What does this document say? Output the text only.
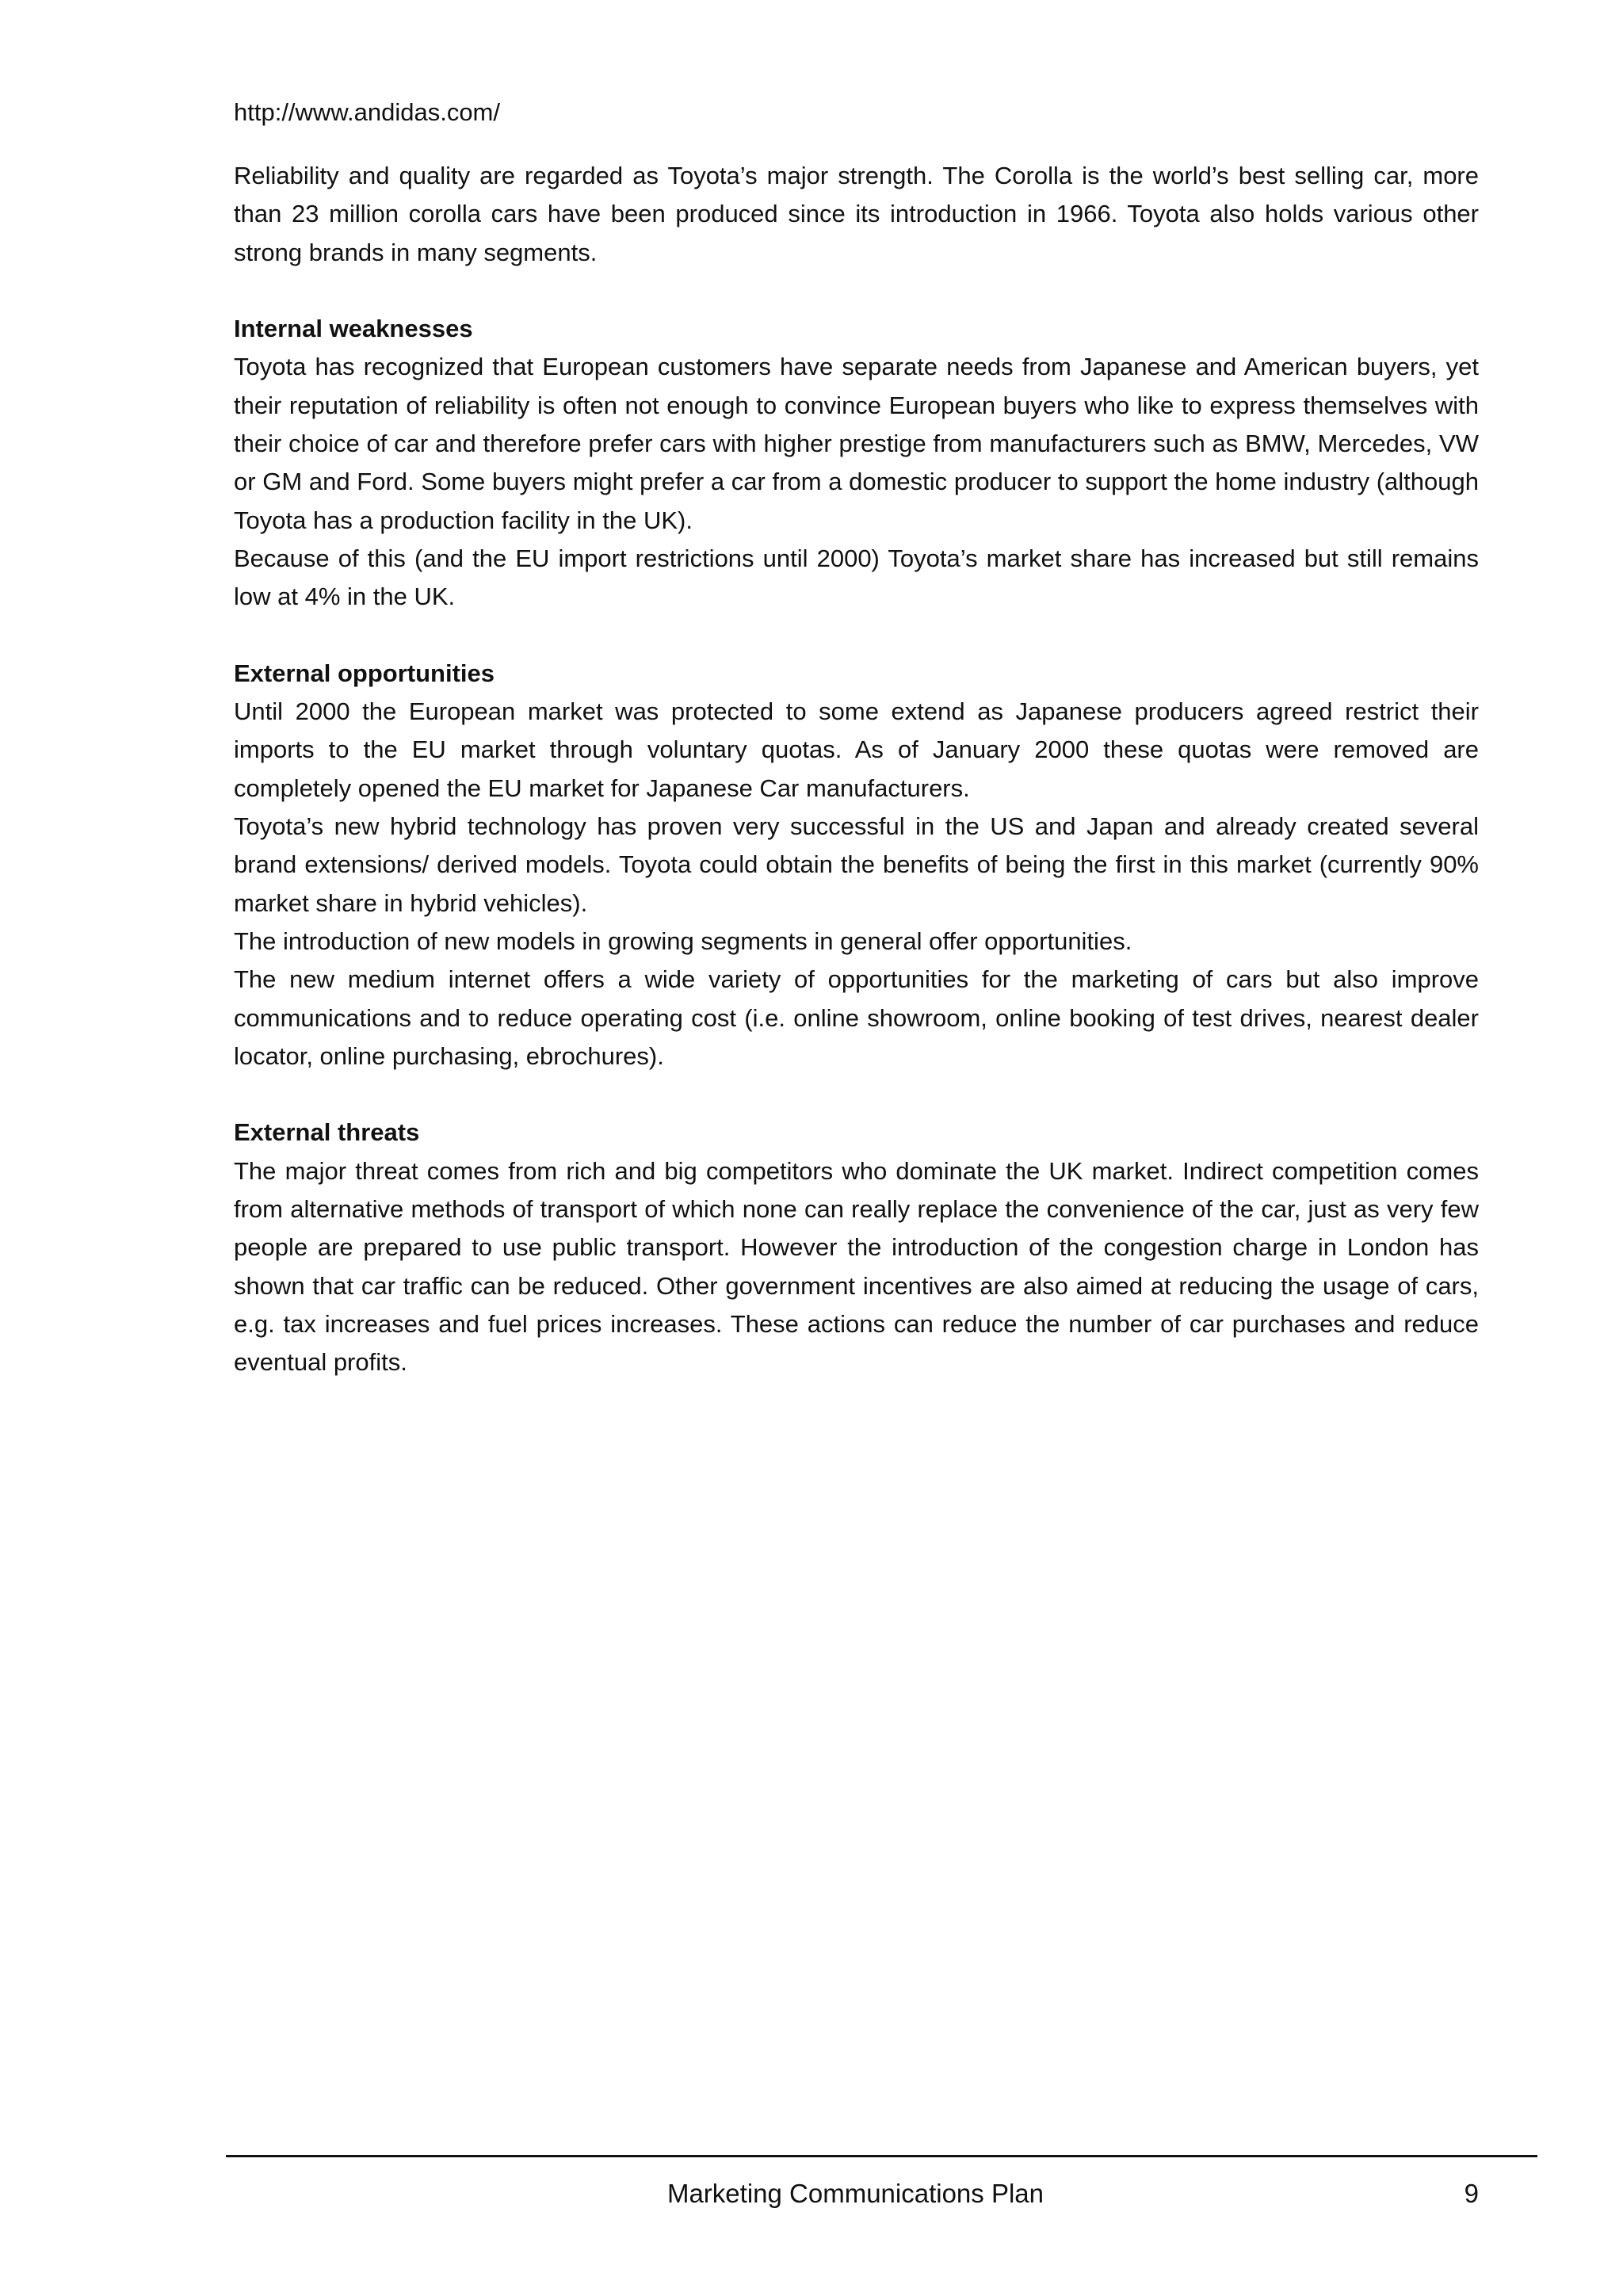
http://www.andidas.com/

Reliability and quality are regarded as Toyota’s major strength. The Corolla is the world’s best selling car, more than 23 million corolla cars have been produced since its introduction in 1966. Toyota also holds various other strong brands in many segments.

Internal weaknesses

Toyota has recognized that European customers have separate needs from Japanese and American buyers, yet their reputation of reliability is often not enough to convince European buyers who like to express themselves with their choice of car and therefore prefer cars with higher prestige from manufacturers such as BMW, Mercedes, VW or GM and Ford. Some buyers might prefer a car from a domestic producer to support the home industry (although Toyota has a production facility in the UK).

Because of this (and the EU import restrictions until 2000) Toyota’s market share has increased but still remains low at 4% in the UK.

External opportunities

Until 2000 the European market was protected to some extend as Japanese producers agreed restrict their imports to the EU market through voluntary quotas. As of January 2000 these quotas were removed are completely opened the EU market for Japanese Car manufacturers.

Toyota’s new hybrid technology has proven very successful in the US and Japan and already created several brand extensions/ derived models. Toyota could obtain the benefits of being the first in this market (currently 90% market share in hybrid vehicles).

The introduction of new models in growing segments in general offer opportunities.

The new medium internet offers a wide variety of opportunities for the marketing of cars but also improve communications and to reduce operating cost (i.e. online showroom, online booking of test drives, nearest dealer locator, online purchasing, ebrochures).

External threats

The major threat comes from rich and big competitors who dominate the UK market. Indirect competition comes from alternative methods of transport of which none can really replace the convenience of the car, just as very few people are prepared to use public transport. However the introduction of the congestion charge in London has shown that car traffic can be reduced. Other government incentives are also aimed at reducing the usage of cars, e.g. tax increases and fuel prices increases. These actions can reduce the number of car purchases and reduce eventual profits.

Marketing Communications Plan	9
